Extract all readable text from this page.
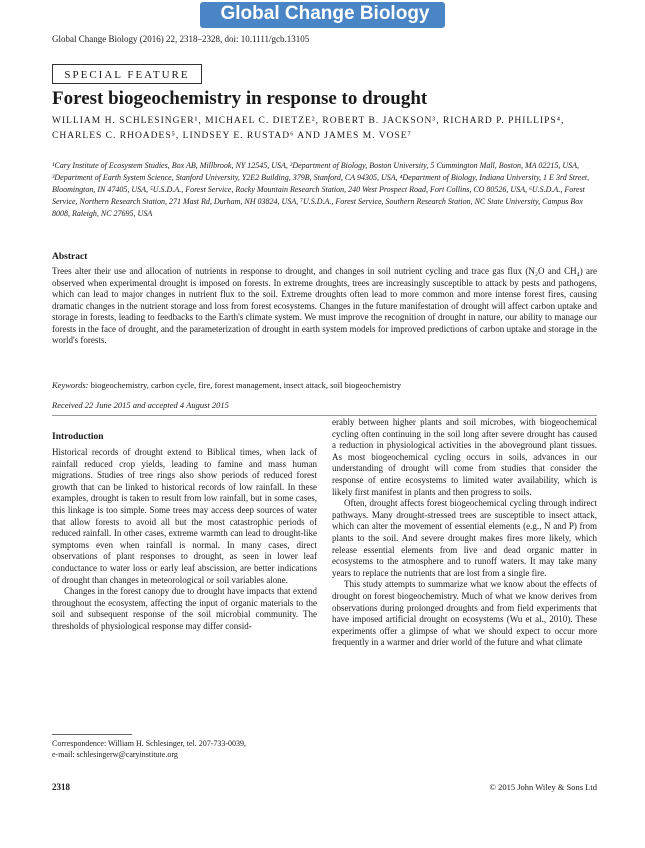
Global Change Biology
Global Change Biology (2016) 22, 2318–2328, doi: 10.1111/gcb.13105
SPECIAL FEATURE
Forest biogeochemistry in response to drought
WILLIAM H. SCHLESINGER¹, MICHAEL C. DIETZE², ROBERT B. JACKSON³, RICHARD P. PHILLIPS⁴, CHARLES C. RHOADES⁵, LINDSEY E. RUSTAD⁶ AND JAMES M. VOSE⁷
¹Cary Institute of Ecosystem Studies, Box AB, Millbrook, NY 12545, USA, ²Department of Biology, Boston University, 5 Cummington Mall, Boston, MA 02215, USA, ³Department of Earth System Science, Stanford University, Y2E2 Building, 379B, Stanford, CA 94305, USA, ⁴Department of Biology, Indiana University, 1 E 3rd Street, Bloomington, IN 47405, USA, ⁵U.S.D.A., Forest Service, Rocky Mountain Research Station, 240 West Prospect Road, Fort Collins, CO 80526, USA, ⁶U.S.D.A., Forest Service, Northern Research Station, 271 Mast Rd, Durham, NH 03824, USA, ⁷U.S.D.A., Forest Service, Southern Research Station, NC State University, Campus Box 8008, Raleigh, NC 27695, USA
Abstract
Trees alter their use and allocation of nutrients in response to drought, and changes in soil nutrient cycling and trace gas flux (N₂O and CH₄) are observed when experimental drought is imposed on forests. In extreme droughts, trees are increasingly susceptible to attack by pests and pathogens, which can lead to major changes in nutrient flux to the soil. Extreme droughts often lead to more common and more intense forest fires, causing dramatic changes in the nutrient storage and loss from forest ecosystems. Changes in the future manifestation of drought will affect carbon uptake and storage in forests, leading to feedbacks to the Earth's climate system. We must improve the recognition of drought in nature, our ability to manage our forests in the face of drought, and the parameterization of drought in earth system models for improved predictions of carbon uptake and storage in the world's forests.
Keywords: biogeochemistry, carbon cycle, fire, forest management, insect attack, soil biogeochemistry
Received 22 June 2015 and accepted 4 August 2015
Introduction

Historical records of drought extend to Biblical times, when lack of rainfall reduced crop yields, leading to famine and mass human migrations. Studies of tree rings also show periods of reduced forest growth that can be linked to historical records of low rainfall. In these examples, drought is taken to result from low rainfall, but in some cases, this linkage is too simple. Some trees may access deep sources of water that allow forests to avoid all but the most catastrophic periods of reduced rainfall. In other cases, extreme warmth can lead to drought-like symptoms even when rainfall is normal. In many cases, direct observations of plant responses to drought, as seen in lower leaf conductance to water loss or early leaf abscission, are better indications of drought than changes in meteorological or soil variables alone.

Changes in the forest canopy due to drought have impacts that extend throughout the ecosystem, affecting the input of organic materials to the soil and subsequent response of the soil microbial community. The thresholds of physiological response may differ consid-

erably between higher plants and soil microbes, with biogeochemical cycling often continuing in the soil long after severe drought has caused a reduction in physiological activities in the aboveground plant tissues. As most biogeochemical cycling occurs in soils, advances in our understanding of drought will come from studies that consider the response of entire ecosystems to limited water availability, which is likely first manifest in plants and then progress to soils.

Often, drought affects forest biogeochemical cycling through indirect pathways. Many drought-stressed trees are susceptible to insect attack, which can alter the movement of essential elements (e.g., N and P) from plants to the soil. And severe drought makes fires more likely, which release essential elements from live and dead organic matter in ecosystems to the atmosphere and to runoff waters. It may take many years to replace the nutrients that are lost from a single fire.

This study attempts to summarize what we know about the effects of drought on forest biogeochemistry. Much of what we know derives from observations during prolonged droughts and from field experiments that have imposed artificial drought on ecosystems (Wu et al., 2010). These experiments offer a glimpse of what we should expect to occur more frequently in a warmer and drier world of the future and what climate

Correspondence: William H. Schlesinger, tel. 207-733-0039,
e-mail: schlesingerw@caryinstitute.org
2318	© 2015 John Wiley & Sons Ltd
